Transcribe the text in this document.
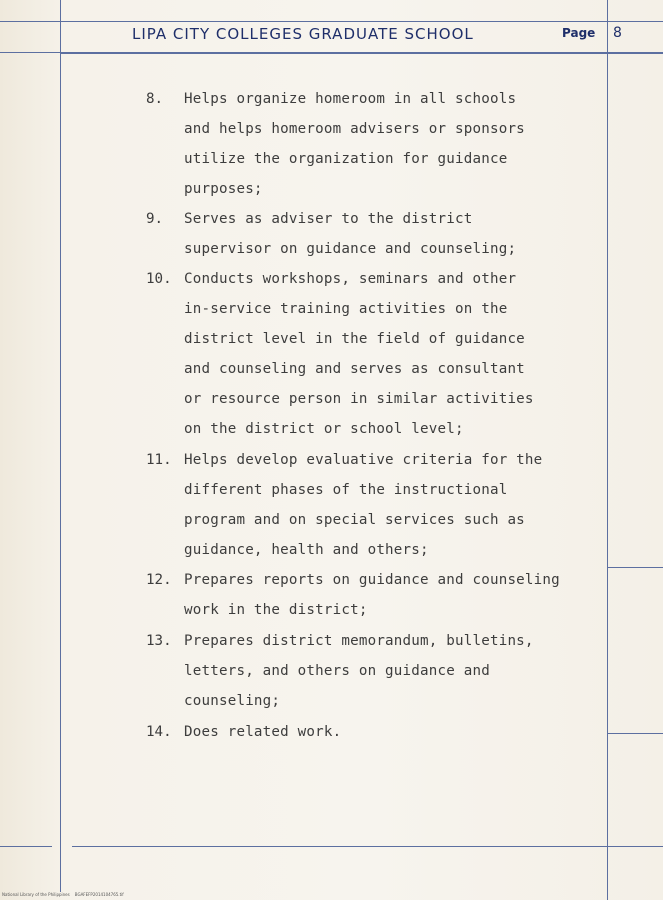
LIPA CITY COLLEGES GRADUATE SCHOOL	Page 8
8. Helps organize homeroom in all schools
and helps homeroom advisers or sponsors
utilize the organization for guidance
purposes;
9. Serves as adviser to the district
supervisor on guidance and counseling;
10. Conducts workshops, seminars and other
in-service training activities on the
district level in the field of guidance
and counseling and serves as consultant
or resource person in similar activities
on the district or school level;
11. Helps develop evaluative criteria for the
different phases of the instructional
program and on special services such as
guidance, health and others;
12. Prepares reports on guidance and counseling
work in the district;
13. Prepares district memorandum, bulletins,
letters, and others on guidance and
counseling;
14. Does related work.
National Library of the Philippines    BGAFEFP2014104765.tif
